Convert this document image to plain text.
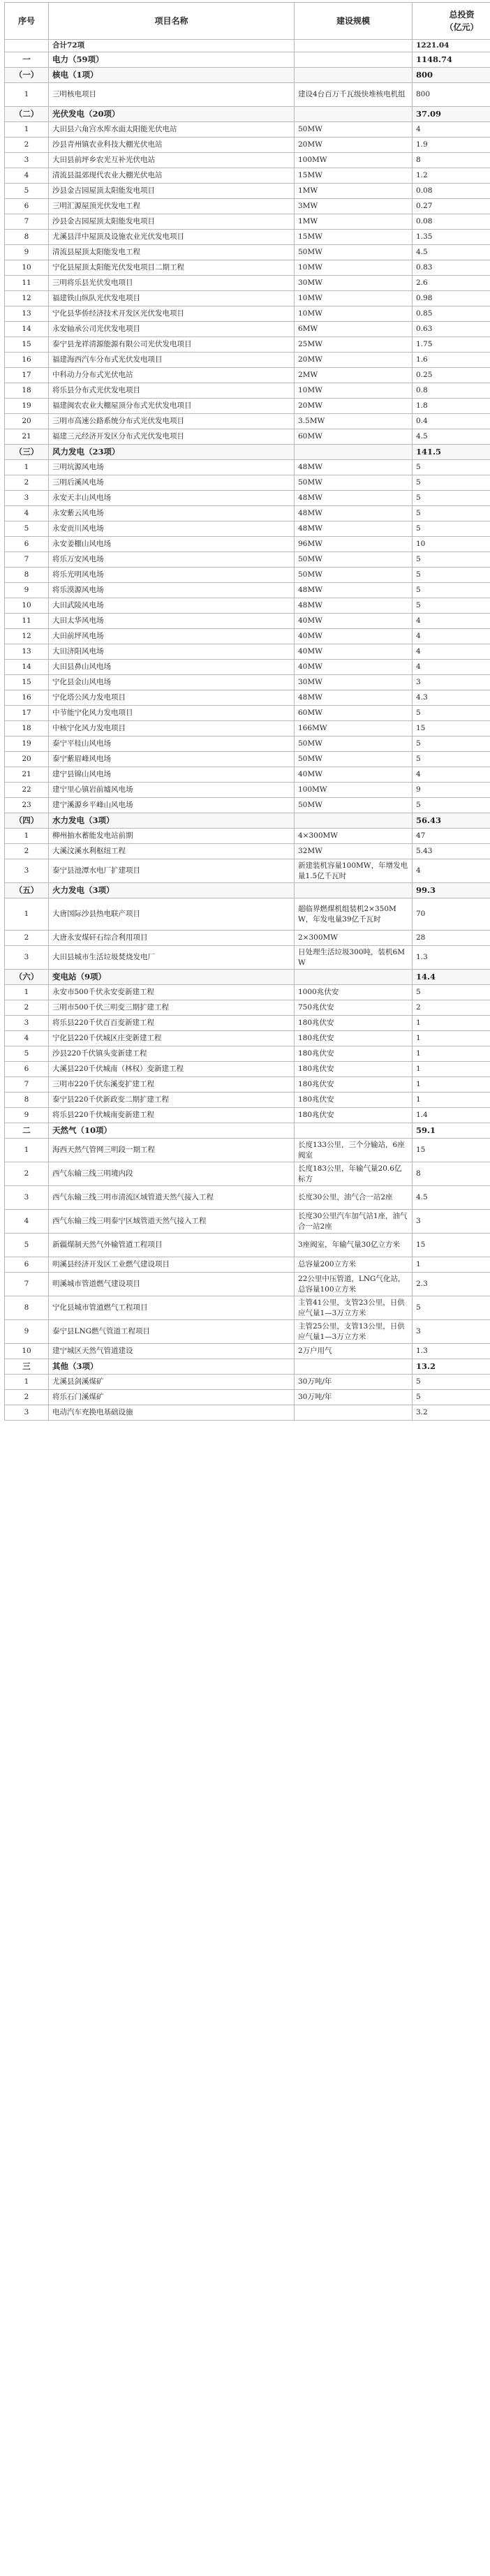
序号	项目名称	建设规模	总投资
（亿元）
	合计72项		1221.04
一	电力（59项）		1148.74
（一）	核电（1项）		800
1	三明核电项目	建设4台百万千瓦级快堆核电机组	800
（二）	光伏发电（20项）		37.09
1	大田县六角宫水库水面太阳能光伏电站	50MW	4
2	沙县青州镇农业科技大棚光伏电站	20MW	1.9
3	大田县前坪乡农光互补光伏电站	100MW	8
4	清流县温郊现代农业大棚光伏电站	15MW	1.2
5	沙县金古园屋顶太阳能发电项目	1MW	0.08
6	三明汇源屋顶光伏发电工程	3MW	0.27
7	沙县金古园屋顶太阳能发电项目	1MW	0.08
8	尤溪县洋中屋顶及设施农业光伏发电项目	15MW	1.35
9	清流县屋顶太阳能发电工程	50MW	4.5
10	宁化县屋顶太阳能光伏发电项目二期工程	10MW	0.83
11	三明将乐县光伏发电项目	30MW	2.6
12	福建铁山纵队光伏发电项目	10MW	0.98
13	宁化县华侨经济技术开发区光伏发电项目	10MW	0.85
14	永安轴承公司光伏发电项目	6MW	0.63
15	泰宁县龙祥清源能源有限公司光伏发电项目	25MW	1.75
16	福建海西汽车分布式光伏发电项目	20MW	1.6
17	中科动力分布式光伏电站	2MW	0.25
18	将乐县分布式光伏发电项目	10MW	0.8
19	福建闽农农业大棚屋顶分布式光伏发电项目	20MW	1.8
20	三明市高速公路系统分布式光伏发电项目	3.5MW	0.4
21	福建三元经济开发区分布式光伏发电项目	60MW	4.5
（三）	风力发电（23项）		141.5
1	三明坑源风电场	48MW	5
2	三明后溪风电场	50MW	5
3	永安天丰山风电场	48MW	5
4	永安紫云风电场	48MW	5
5	永安贡川风电场	48MW	5
6	永安姜棚山风电场	96MW	10
7	将乐万安风电场	50MW	5
8	将乐光明风电场	50MW	5
9	将乐漠源风电场	48MW	5
10	大田武陵风电场	48MW	5
11	大田太华风电场	40MW	4
12	大田前坪风电场	40MW	4
13	大田济阳风电场	40MW	4
14	大田县鼻山风电场	40MW	4
15	宁化县金山风电场	30MW	3
16	宁化塔公风力发电项目	48MW	4.3
17	中节能宁化风力发电项目	60MW	5
18	中核宁化风力发电项目	166MW	15
19	泰宁平桂山风电场	50MW	5
20	泰宁紫眉峰风电场	50MW	5
21	建宁县锦山风电场	40MW	4
22	建宁里心镇岩前墟风电场	100MW	9
23	建宁溪源乡平峰山风电场	50MW	5
（四）	水力发电（3项）		56.43
1	柳州抽水蓄能发电站前期	4×300MW	47
2	大溪汶溪水利枢纽工程	32MW	5.43
3	泰宁县池潭水电厂扩建项目	新建装机容量100MW，年增发电量1.5亿千瓦时	4
（五）	火力发电（3项）		99.3
1	大唐国际沙县热电联产项目	超临界燃煤机组装机2×350MW，年发电量39亿千瓦时	70
2	大唐永安煤矸石综合利用项目	2×300MW	28
3	大田县城市生活垃圾焚烧发电厂	日处理生活垃圾300吨，装机6MW	1.3
（六）	变电站（9项）		14.4
1	永安市500千伏永安变新建工程	1000兆伏安	5
2	三明市500千伏三明变三期扩建工程	750兆伏安	2
3	将乐县220千伏百百变新建工程	180兆伏安	1
4	宁化县220千伏城区庄变新建工程	180兆伏安	1
5	沙县220千伏镇头变新建工程	180兆伏安	1
6	大溪县220千伏城南（林权）变新建工程	180兆伏安	1
7	三明市220千伏东溪变扩建工程	180兆伏安	1
8	泰宁县220千伏新政变二期扩建工程	180兆伏安	1
9	将乐县220千伏城南变新建工程	180兆伏安	1.4
二	天然气（10项）		59.1
1	海西天然气管网三明段一期工程	长度133公里，三个分输站，6座阀室	15
2	西气东输三线三明境内段	长度183公里，年输气量20.6亿标方	8
3	西气东输三线三明市清流区域管道天然气接入工程	长度30公里，油气合一站2座	4.5
4	西气东输三线三明泰宁区域管道天然气接入工程	长度30公里汽车加气站1座，油气合一站2座	3
5	新疆煤制天然气外输管道工程项目	3座阀室，年输气量30亿立方米	15
6	明溪县经济开发区工业燃气建设项目	总容量200立方米	1
7	明溪城市管道燃气建设项目	22公里中压管道，LNG气化站，总容量100立方米	2.3
8	宁化县城市管道燃气工程项目	主管41公里，支管23公里，日供应气量1—3万立方米	5
9	泰宁县LNG燃气管道工程项目	主管25公里，支管13公里，日供应气量1—3万立方米	3
10	建宁城区天然气管道建设	2万户用气	1.3
三	其他（3项）		13.2
1	尤溪县剑溪煤矿	30万吨/年	5
2	将乐石门溪煤矿	30万吨/年	5
3	电动汽车充换电基础设施		3.2
